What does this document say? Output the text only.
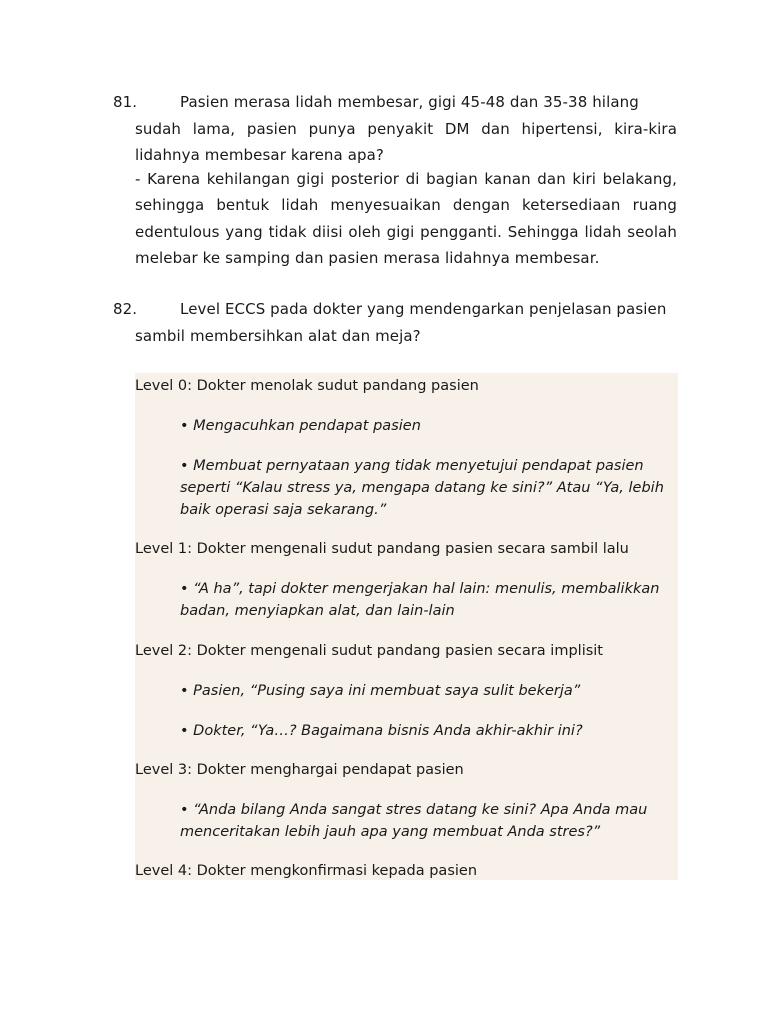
81.	Pasien merasa lidah membesar, gigi 45-48 dan 35-38 hilang
sudah lama, pasien punya penyakit DM dan hipertensi, kira-kira lidahnya membesar karena apa?

- Karena kehilangan gigi posterior di bagian kanan dan kiri belakang, sehingga bentuk lidah menyesuaikan dengan ketersediaan ruang edentulous yang tidak diisi oleh gigi pengganti. Sehingga lidah seolah melebar ke samping dan pasien merasa lidahnya membesar.

82.	Level ECCS pada dokter yang mendengarkan penjelasan pasien
sambil membersihkan alat dan meja?

Level 0: Dokter menolak sudut pandang pasien
• Mengacuhkan pendapat pasien
• Membuat pernyataan yang tidak menyetujui pendapat pasien seperti “Kalau stress ya, mengapa datang ke sini?” Atau “Ya, lebih baik operasi saja sekarang.”
Level 1: Dokter mengenali sudut pandang pasien secara sambil lalu
• “A ha”, tapi dokter mengerjakan hal lain: menulis, membalikkan badan, menyiapkan alat, dan lain-lain
Level 2: Dokter mengenali sudut pandang pasien secara implisit
• Pasien, “Pusing saya ini membuat saya sulit bekerja”
• Dokter, “Ya…? Bagaimana bisnis Anda akhir-akhir ini?
Level 3: Dokter menghargai pendapat pasien
• “Anda bilang Anda sangat stres datang ke sini? Apa Anda mau menceritakan lebih jauh apa yang membuat Anda stres?”
Level 4: Dokter mengkonfirmasi kepada pasien
